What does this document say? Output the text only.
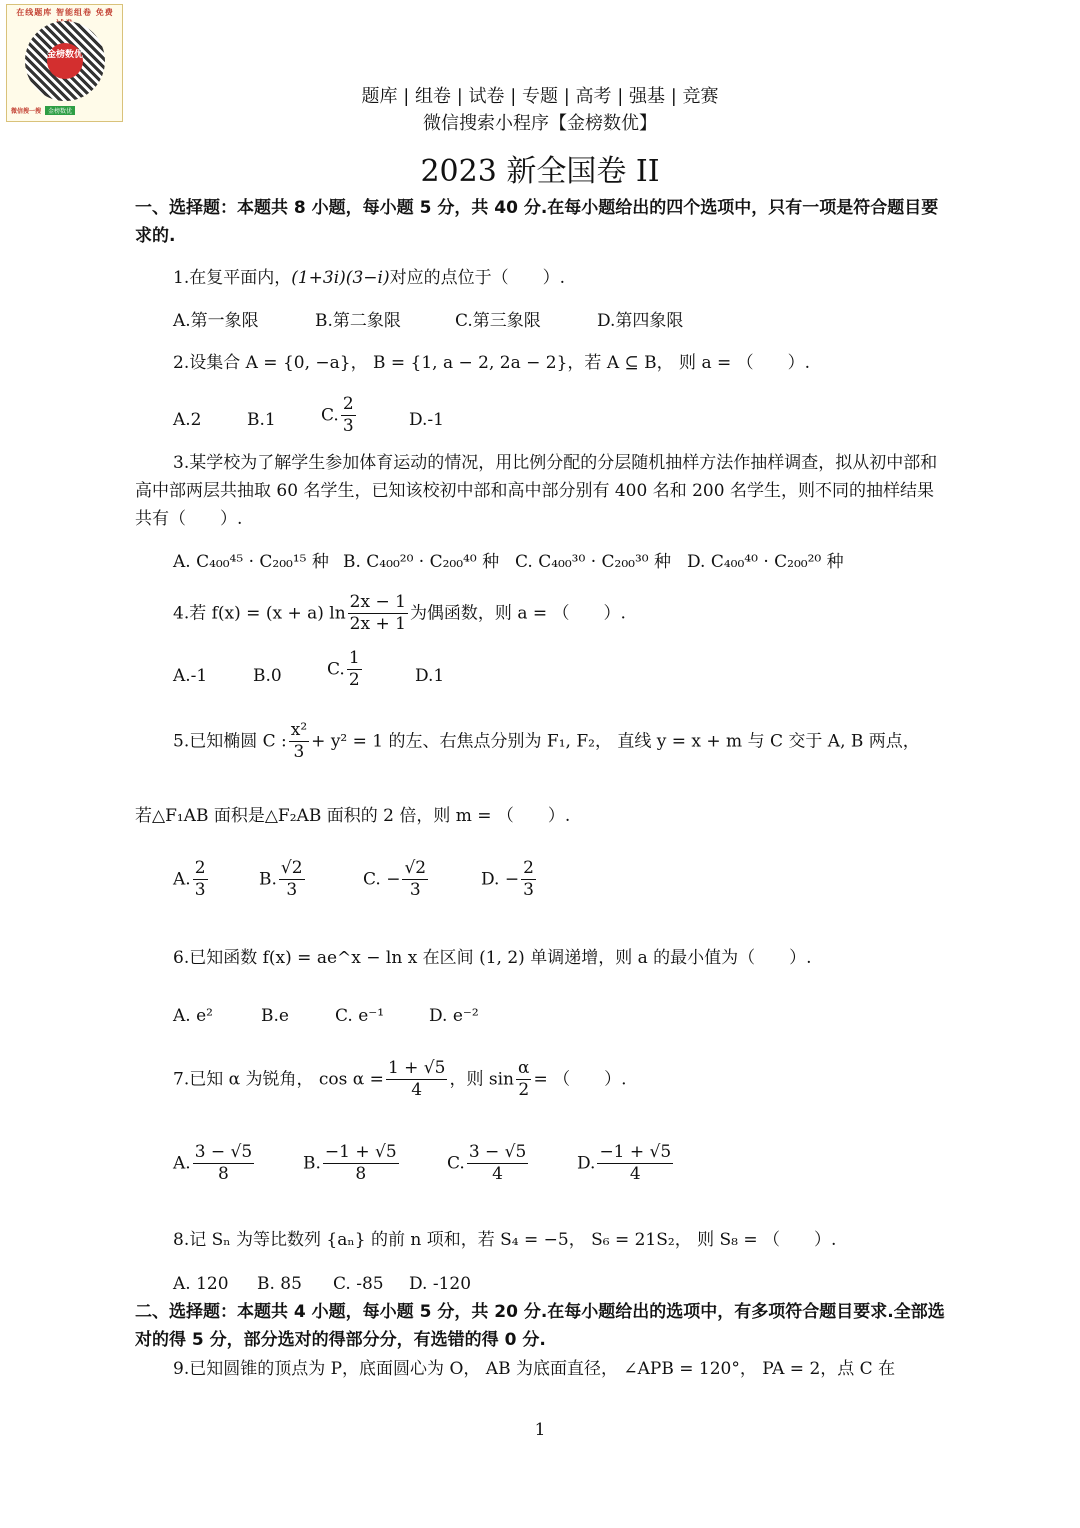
在线题库 智能组卷 免费
金榜数优
微信搜一搜 金榜数优
题库 | 组卷 | 试卷 | 专题 | 高考 | 强基 | 竞赛
微信搜索小程序【金榜数优】
2023 新全国卷 II
一、选择题：本题共 8 小题，每小题 5 分，共 40 分.在每小题给出的四个选项中，只有一项是符合题目要求的.
1.在复平面内，(1+3i)(3−i)对应的点位于（　　）.
A.第一象限	B.第二象限	C.第三象限	D.第四象限
2.设集合 A = {0, −a}， B = {1, a − 2, 2a − 2}，若 A ⊆ B， 则 a = （　　）.
A.2	B.1	C. $\frac{2}{3}$	D.-1
3.某学校为了解学生参加体育运动的情况，用比例分配的分层随机抽样方法作抽样调查，拟从初中部和高中部两层共抽取 60 名学生，已知该校初中部和高中部分别有 400 名和 200 名学生，则不同的抽样结果共有（　　）.
A. C₄₀₀⁴⁵ · C₂₀₀¹⁵ 种 B. C₄₀₀²⁰ · C₂₀₀⁴⁰ 种 C. C₄₀₀³⁰ · C₂₀₀³⁰ 种 D. C₄₀₀⁴⁰ · C₂₀₀²⁰ 种
4.若 f(x) = (x + a) $\ln \frac{2x - 1}{2x + 1}$ 为偶函数，则 a = （　　）.
A.-1	B.0	C. $\frac{1}{2}$	D.1
5.已知椭圆 C : $\frac{\text{x²}}{3} + y^2 = 1$ 的左、右焦点分别为 F₁, F₂， 直线 y = x + m 与 C 交于 A, B 两点，
若△F₁AB 面积是△F₂AB 面积的 2 倍，则 m = （　　）.
A. $\frac{2}{3}$	B. $\frac{√2}{3}$	C. − $\frac{√2}{3}$	D. − $\frac{2}{3}$
6.已知函数 f(x) = ae^x − ln x 在区间 (1, 2) 单调递增，则 a 的最小值为（　　）.
A. e²	B.e	C. e⁻¹	D. e⁻²
7.已知 α 为锐角， $\cos \alpha = \frac{1 + √5}{4}$ ，则 $\sin \frac{\alpha}{2}$ = （　　）.
A. $\frac{3 - √5}{8}$	B. $\frac{-1 + √5}{8}$	C. $\frac{3 - √5}{4}$	D. $\frac{-1 + √5}{4}$
8.记 Sₙ 为等比数列 {aₙ} 的前 n 项和，若 S₄ = −5， S₆ = 21S₂， 则 S₈ = （　　）.
A. 120 B. 85 C. -85 D. -120
二、选择题：本题共 4 小题，每小题 5 分，共 20 分.在每小题给出的选项中，有多项符合题目要求.全部选对的得 5 分，部分选对的得部分分，有选错的得 0 分.
9.已知圆锥的顶点为 P，底面圆心为 O， AB 为底面直径， ∠APB = 120°， PA = 2，点 C 在
1
